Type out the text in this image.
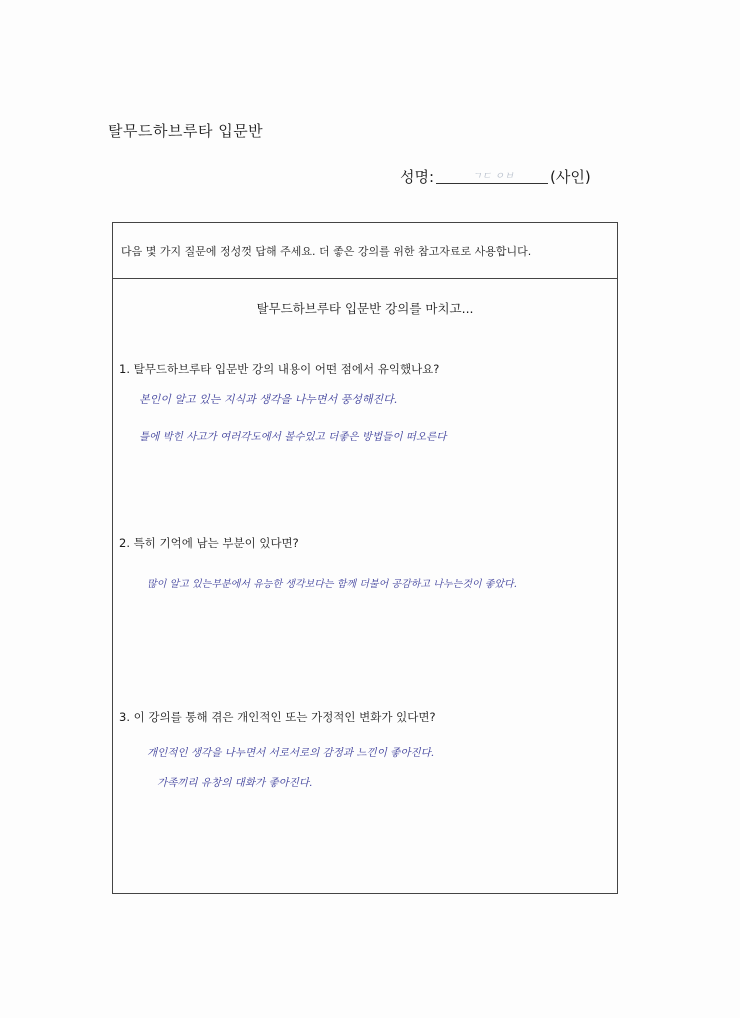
탈무드하브루타 입문반
성명:	ㄱㄷ ㅇㅂ (사인)
다음 몇 가지 질문에 정성껏 답해 주세요. 더 좋은 강의를 위한 참고자료로 사용합니다.
탈무드하브루타 입문반 강의를 마치고...
1. 탈무드하브루타 입문반 강의 내용이 어떤 점에서 유익했나요?
본인이 알고 있는 지식과 생각을 나누면서 풍성해진다.
틀에 박힌 사고가 여러각도에서 볼수있고 더좋은 방법들이 떠오른다
2. 특히 기억에 남는 부분이 있다면?
많이 알고 있는부분에서 유능한 생각보다는 함께 더불어 공감하고 나누는것이 좋았다.
3. 이 강의를 통해 겪은 개인적인 또는 가정적인 변화가 있다면?
개인적인 생각을 나누면서 서로서로의 감정과 느낀이 좋아진다.
가족끼리 유창의 대화가 좋아진다.
